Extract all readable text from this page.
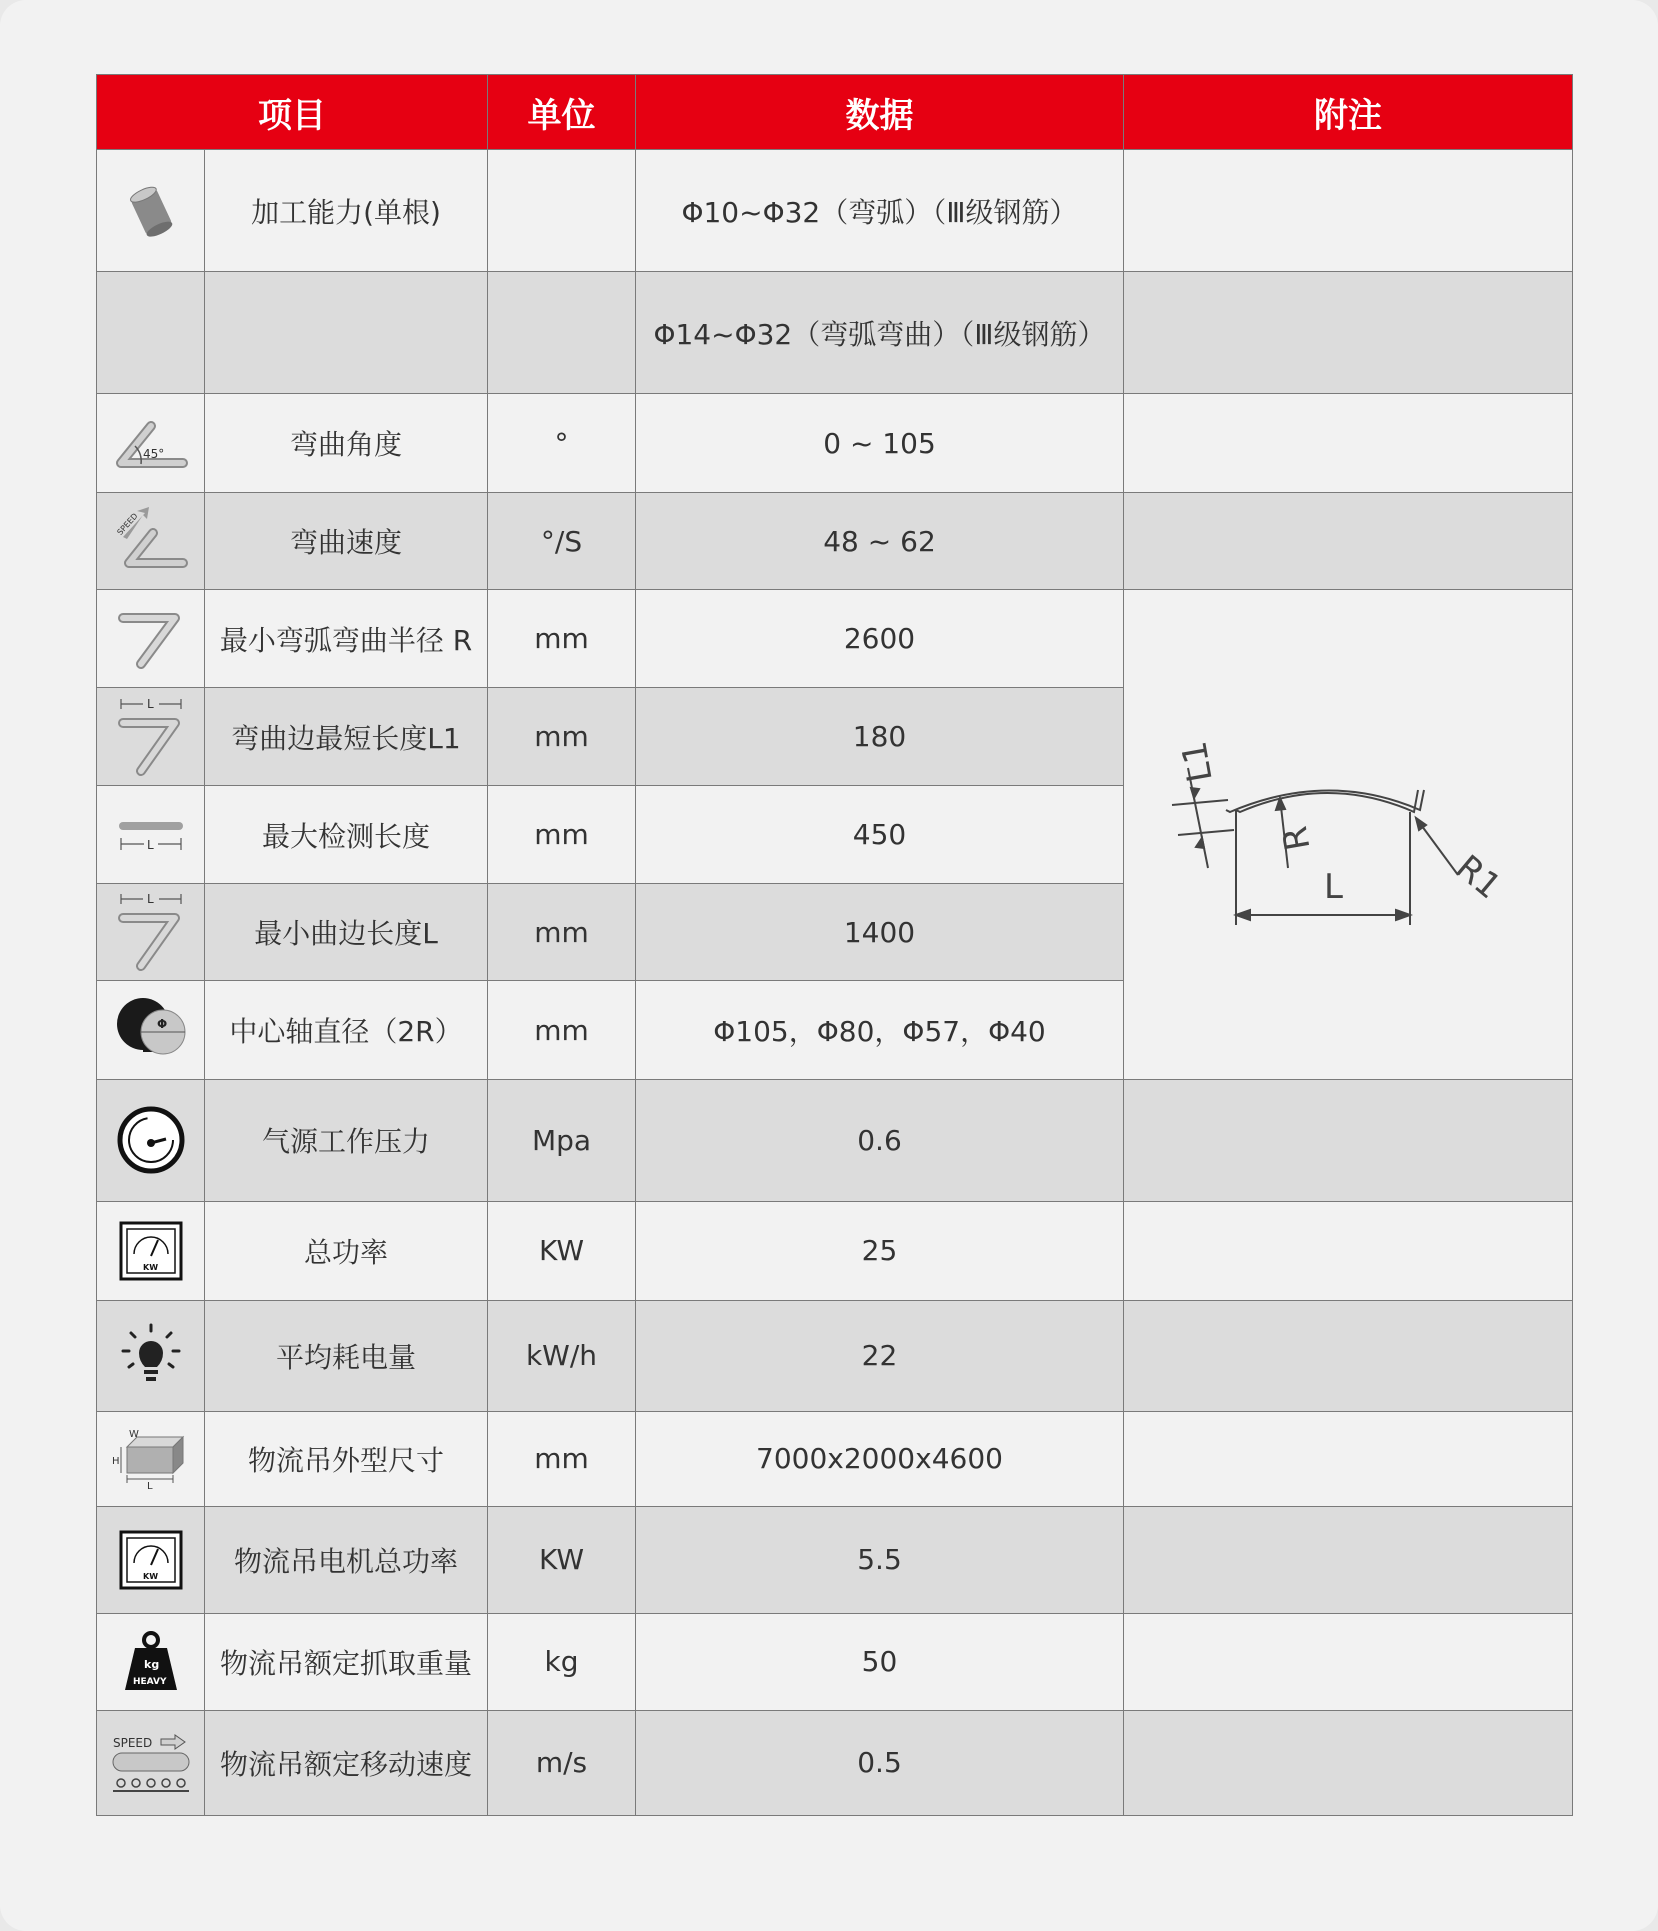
项目		单位	数据	附注

	加工能力(单根)		Φ10~Φ32（弯弧）（Ⅲ级钢筋）	
			Φ14~Φ32（弯弧弯曲）（Ⅲ级钢筋）	

45°	弯曲角度	°	0 ~ 105	

SPEED	弯曲速度	°/S	48 ~ 62	

	最小弯弧弯曲半径 R	mm	2600	L1
R
L R1

L	弯曲边最短长度L1	mm	180	

L	最大检测长度	mm	450	

L	最小曲边长度L	mm	1400	

Φ	中心轴直径（2R）	mm	Φ105，Φ80，Φ57，Φ40	

	气源工作压力	Mpa	0.6	

KW	总功率	KW	25	

	平均耗电量	kW/h	22	

H
L
W	物流吊外型尺寸	mm	7000x2000x4600	

KW	物流吊电机总功率	KW	5.5	

kg
HEAVY	物流吊额定抓取重量	kg	50	

SPEED	物流吊额定移动速度	m/s	0.5	
